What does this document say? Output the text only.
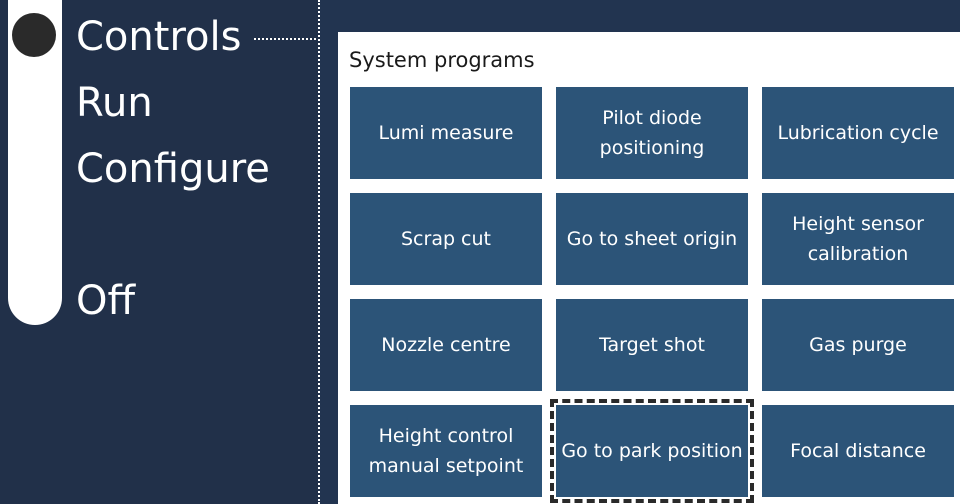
Controls
Run
Configure
Off
System programs
Lumi measure
Pilot diode positioning
Lubrication cycle
Scrap cut	Go to sheet origin
Height sensor calibration
Nozzle centre	Target shot	Gas purge
Height control manual setpoint
Go to park position	Focal distance
